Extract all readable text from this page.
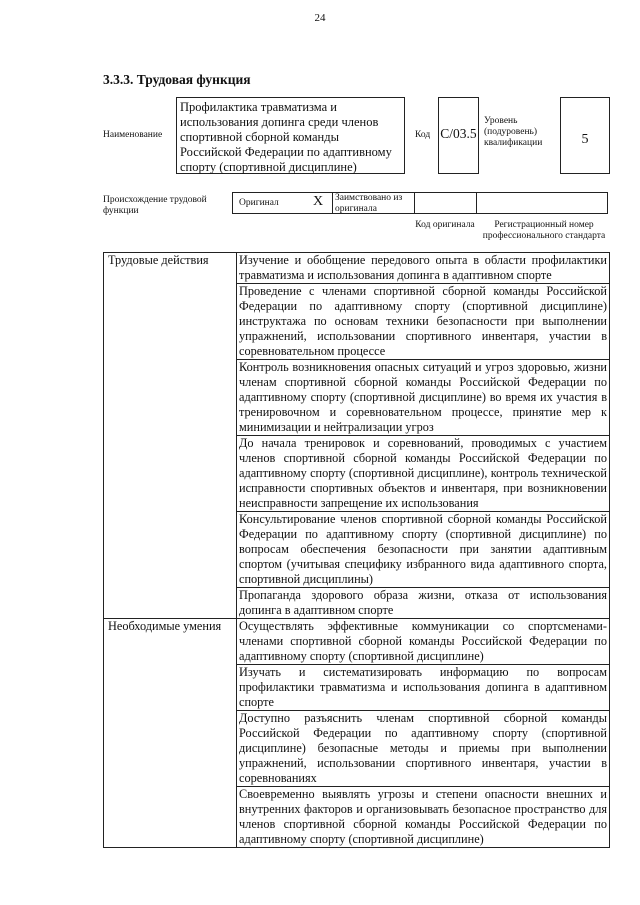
24
3.3.3. Трудовая функция
Наименование
Профилактика травматизма и использования допинга среди членов спортивной сборной команды Российской Федерации по адаптивному спорту (спортивной дисциплине)
Код C/03.5
Уровень (подуровень) квалификации	5
Происхождение трудовой функции
Оригинал X Заимствовано из оригинала
Код оригинала	Регистрационный номер профессионального стандарта
Трудовые действия	Изучение и обобщение передового опыта в области профилактики травматизма и использования допинга в адаптивном спорте
	Проведение с членами спортивной сборной команды Российской Федерации по адаптивному спорту (спортивной дисциплине) инструктажа по основам техники безопасности при выполнении упражнений, использовании спортивного инвентаря, участии в соревновательном процессе
	Контроль возникновения опасных ситуаций и угроз здоровью, жизни членам спортивной сборной команды Российской Федерации по адаптивному спорту (спортивной дисциплине) во время их участия в тренировочном и соревновательном процессе, принятие мер к минимизации и нейтрализации угроз
	До начала тренировок и соревнований, проводимых с участием членов спортивной сборной команды Российской Федерации по адаптивному спорту (спортивной дисциплине), контроль технической исправности спортивных объектов и инвентаря, при возникновении неисправности запрещение их использования
	Консультирование членов спортивной сборной команды Российской Федерации по адаптивному спорту (спортивной дисциплине) по вопросам обеспечения безопасности при занятии адаптивным спортом (учитывая специфику избранного вида адаптивного спорта, спортивной дисциплины)
	Пропаганда здорового образа жизни, отказа от использования допинга в адаптивном спорте
Необходимые умения	Осуществлять эффективные коммуникации со спортсменами-членами спортивной сборной команды Российской Федерации по адаптивному спорту (спортивной дисциплине)
	Изучать и систематизировать информацию по вопросам профилактики травматизма и использования допинга в адаптивном спорте
	Доступно разъяснить членам спортивной сборной команды Российской Федерации по адаптивному спорту (спортивной дисциплине) безопасные методы и приемы при выполнении упражнений, использовании спортивного инвентаря, участии в соревнованиях
	Своевременно выявлять угрозы и степени опасности внешних и внутренних факторов и организовывать безопасное пространство для членов спортивной сборной команды Российской Федерации по адаптивному спорту (спортивной дисциплине)
